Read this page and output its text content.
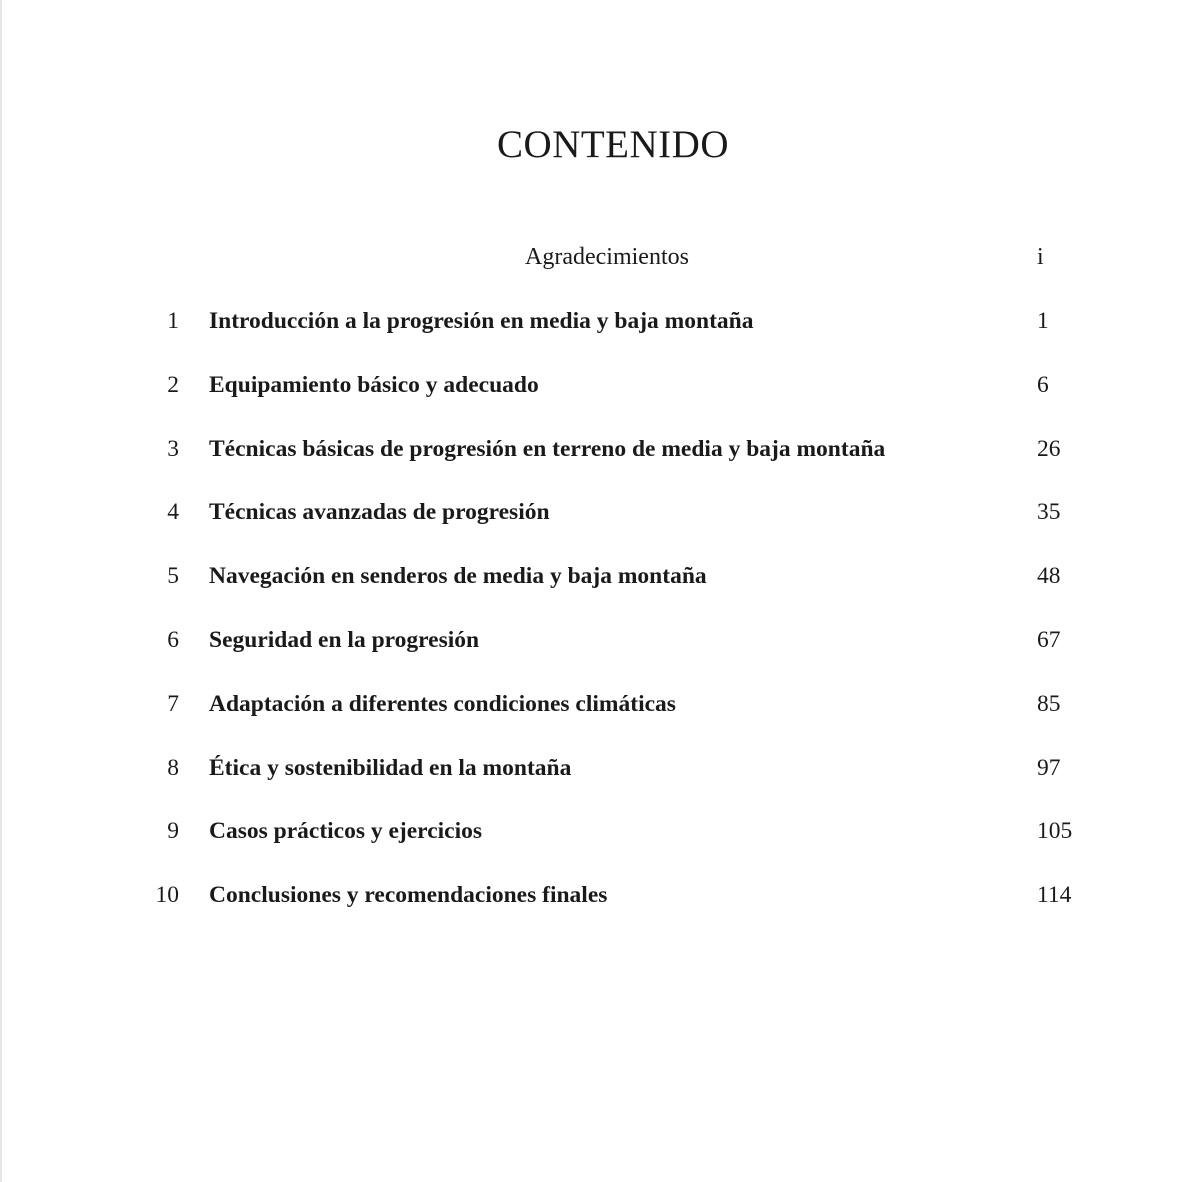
CONTENIDO
Agradecimientos	i
1 Introducción a la progresión en media y baja montaña	1
2 Equipamiento básico y adecuado	6
3 Técnicas básicas de progresión en terreno de media y baja montaña	26
4 Técnicas avanzadas de progresión	35
5 Navegación en senderos de media y baja montaña	48
6 Seguridad en la progresión	67
7 Adaptación a diferentes condiciones climáticas	85
8 Ética y sostenibilidad en la montaña	97
9 Casos prácticos y ejercicios	105
10 Conclusiones y recomendaciones finales	114
